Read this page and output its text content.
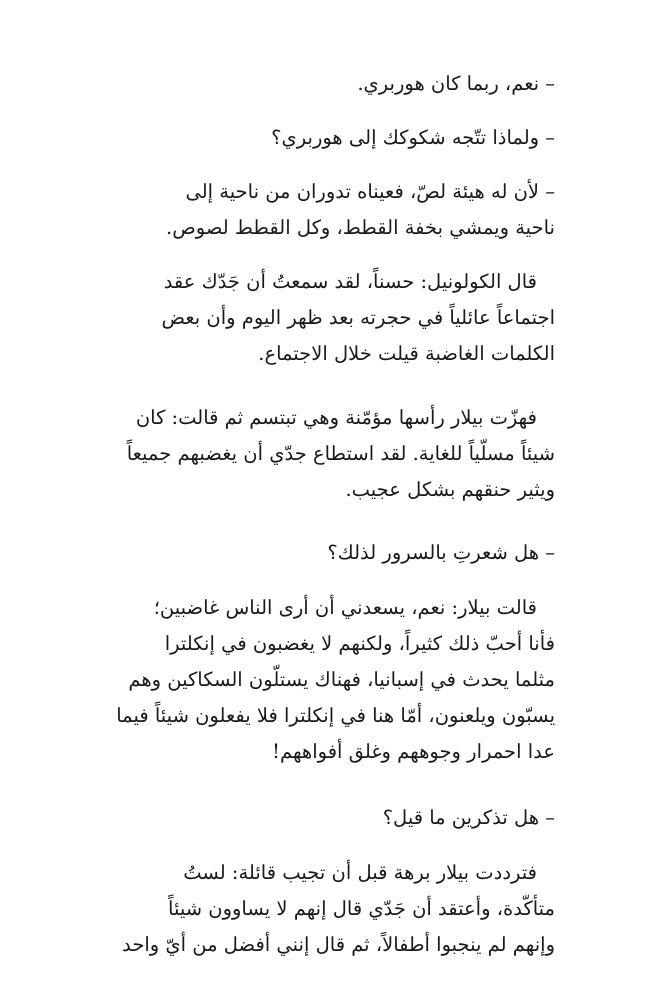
– نعم، ربما كان هوربري.
– ولماذا تتّجه شكوكك إلى هوربري؟
– لأن له هيئة لصّ، فعيناه تدوران من ناحية إلى
ناحية ويمشي بخفة القطط، وكل القطط لصوص.
قال الكولونيل: حسناً، لقد سمعتُ أن جَدّك عقد
اجتماعاً عائلياً في حجرته بعد ظهر اليوم وأن بعض
الكلمات الغاضبة قيلت خلال الاجتماع.
فهزّت بيلار رأسها مؤمّنة وهي تبتسم ثم قالت: كان
شيئاً مسلّياً للغاية. لقد استطاع جدّي أن يغضبهم جميعاً
ويثير حنقهم بشكل عجيب.
– هل شعرتِ بالسرور لذلك؟
قالت بيلار: نعم، يسعدني أن أرى الناس غاضبين؛
فأنا أحبّ ذلك كثيراً، ولكنهم لا يغضبون في إنكلترا
مثلما يحدث في إسبانيا، فهناك يستلّون السكاكين وهم
يسبّون ويلعنون، أمّا هنا في إنكلترا فلا يفعلون شيئاً فيما
عدا احمرار وجوههم وغلق أفواههم!
– هل تذكرين ما قيل؟
فترددت بيلار برهة قبل أن تجيب قائلة: لستُ
متأكّدة، وأعتقد أن جَدّي قال إنهم لا يساوون شيئاً
وإنهم لم ينجبوا أطفالاً، ثم قال إنني أفضل من أيّ واحد
